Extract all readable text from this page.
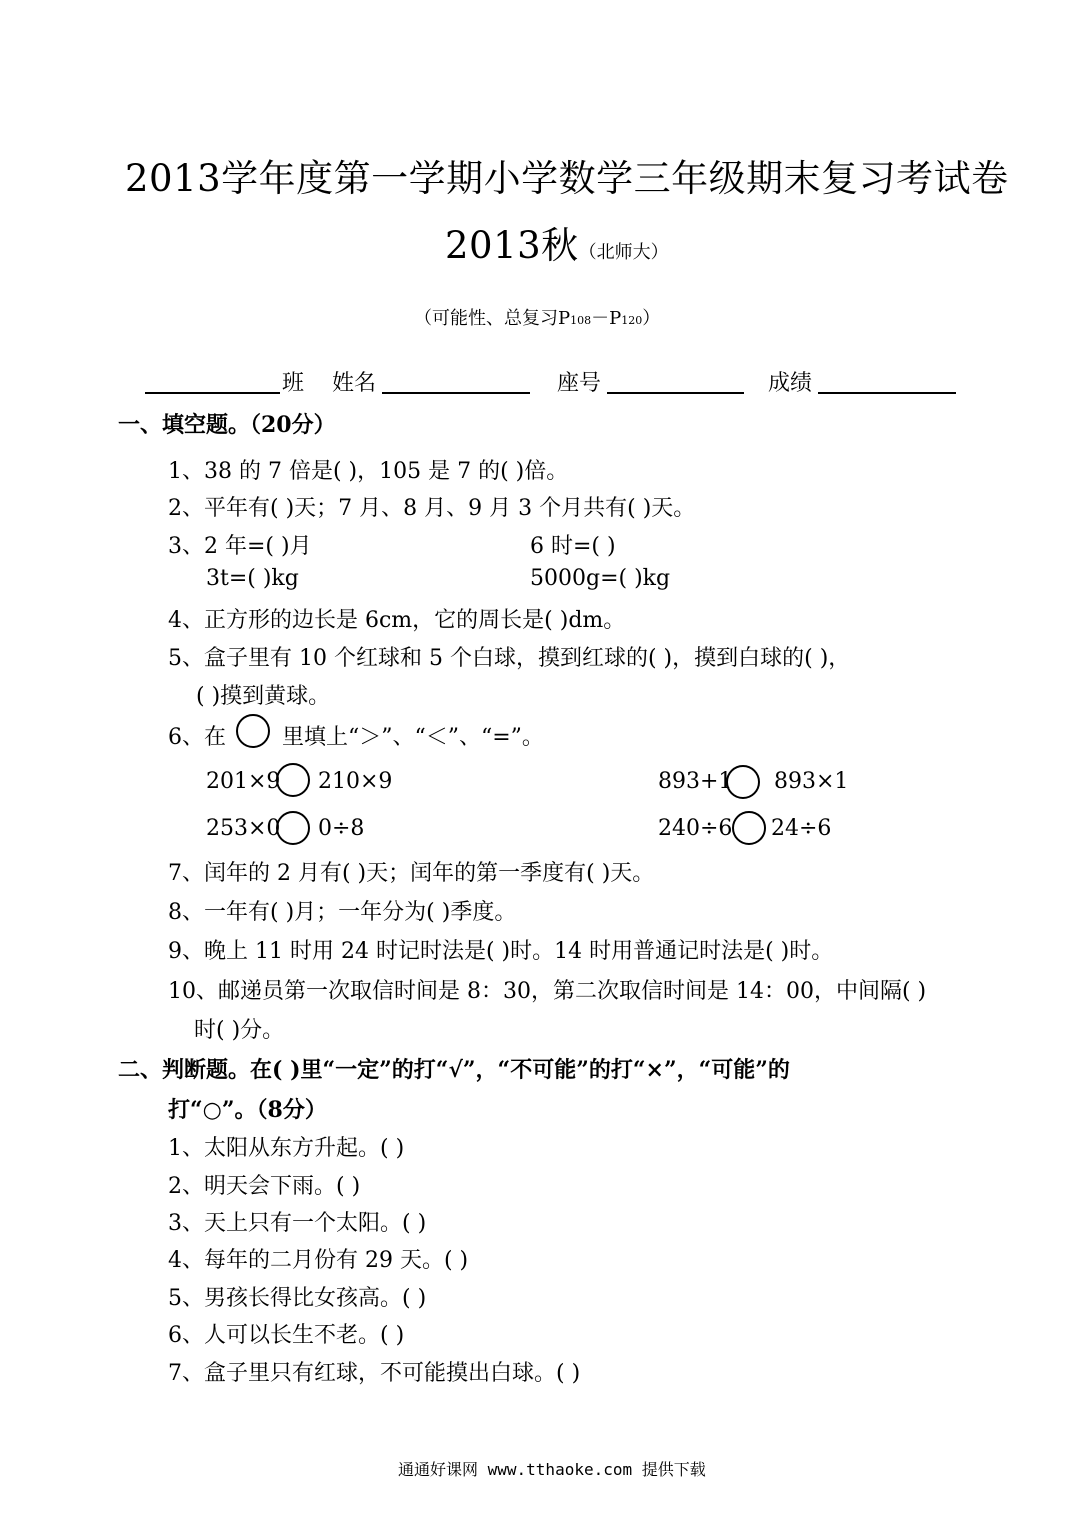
2013学年度第一学期小学数学三年级期末复习考试卷
2013秋（北师大）
（可能性、总复习P108－P120）
班 姓名	座号	成绩
一、填空题。（20分）
1、38 的 7 倍是( )，105 是 7 的( )倍。
2、平年有( )天；7 月、8 月、9 月 3 个月共有( )天。
3、2 年=( )月	6 时=( )
3t=( )kg	5000g=( )kg
4、正方形的边长是 6cm，它的周长是( )dm。
5、盒子里有 10 个红球和 5 个白球，摸到红球的( )，摸到白球的( )，
( )摸到黄球。
6、在	里填上“＞”、“＜”、“=”。
201×9 210×9	893+1 893×1
253×0 0÷8	240÷6 24÷6
7、闰年的 2 月有( )天；闰年的第一季度有( )天。
8、一年有( )月；一年分为( )季度。
9、晚上 11 时用 24 时记时法是( )时。14 时用普通记时法是( )时。
10、邮递员第一次取信时间是 8：30，第二次取信时间是 14：00，中间隔( )
时( )分。
二、判断题。在( )里“一定”的打“√”，“不可能”的打“×”，“可能”的
打“○”。（8分）
1、太阳从东方升起。( )
2、明天会下雨。( )
3、天上只有一个太阳。( )
4、每年的二月份有 29 天。( )
5、男孩长得比女孩高。( )
6、人可以长生不老。( )
7、盒子里只有红球，不可能摸出白球。( )
通通好课网 www.tthaoke.com 提供下载
